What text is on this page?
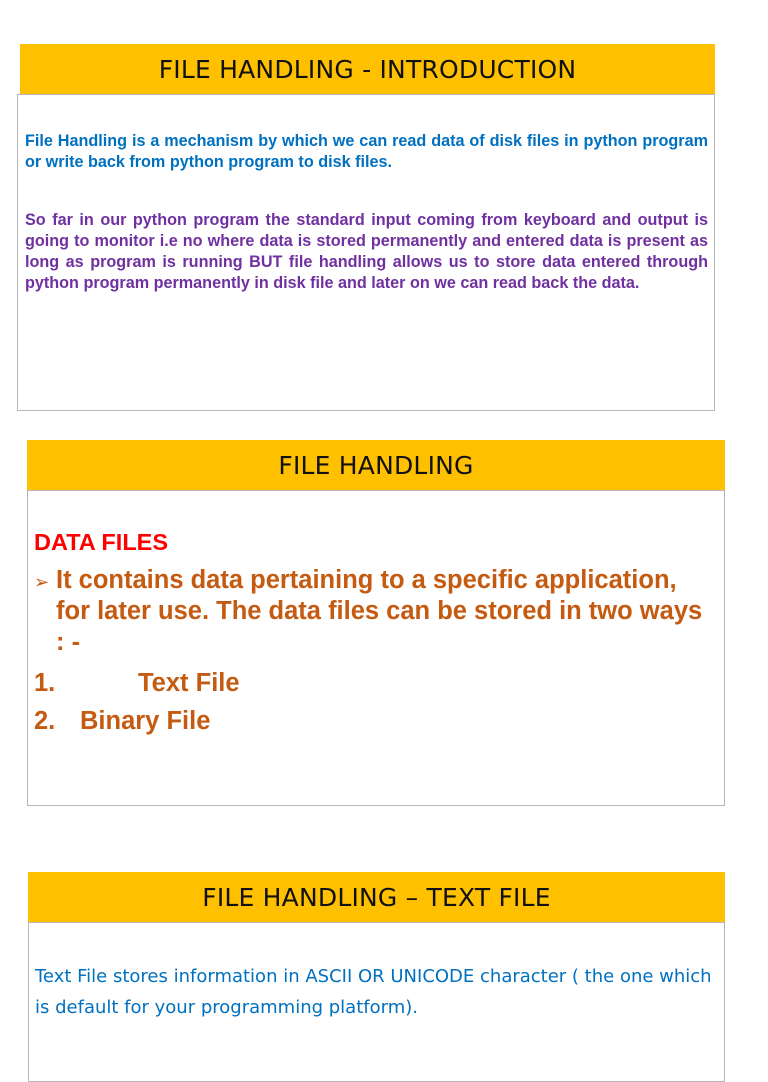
FILE HANDLING - INTRODUCTION

File Handling is a mechanism by which we can read data of disk files in python program or write back from python program to disk files.

So far in our python program the standard input coming from keyboard and output is going to monitor i.e no where data is stored permanently and entered data is present as long as program is running BUT file handling allows us to store data entered through python program permanently in disk file and later on we can read back the data.

FILE HANDLING

DATA FILES

➢ It contains data pertaining to a specific application, for later use. The data files can be stored in two ways : -
1.	Text File
2. Binary File
FILE HANDLING – TEXT FILE

Text File stores information in ASCII OR UNICODE character ( the one which is default for your programming platform).
